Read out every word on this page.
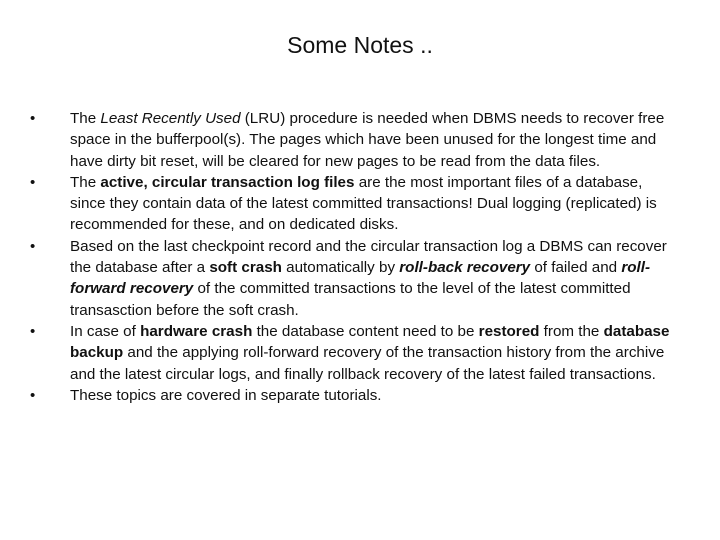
Some Notes ..
•	The Least Recently Used (LRU) procedure is needed when DBMS needs to recover free space in the bufferpool(s). The pages which have been unused for the longest time and have dirty bit reset, will be cleared for new pages to be read from the data files.
•	The active, circular transaction log files are the most important files of a database, since they contain data of the latest committed transactions! Dual logging (replicated) is recommended for these, and on dedicated disks.
•	Based on the last checkpoint record and the circular transaction log a DBMS can recover the database after a soft crash automatically by roll-back recovery of failed and roll-forward recovery of the committed transactions to the level of the latest committed transasction before the soft crash.
•	In case of hardware crash the database content need to be restored from the database backup and the applying roll-forward recovery of the transaction history from the archive and the latest circular logs, and finally rollback recovery of the latest failed transactions.
•	These topics are covered in separate tutorials.
